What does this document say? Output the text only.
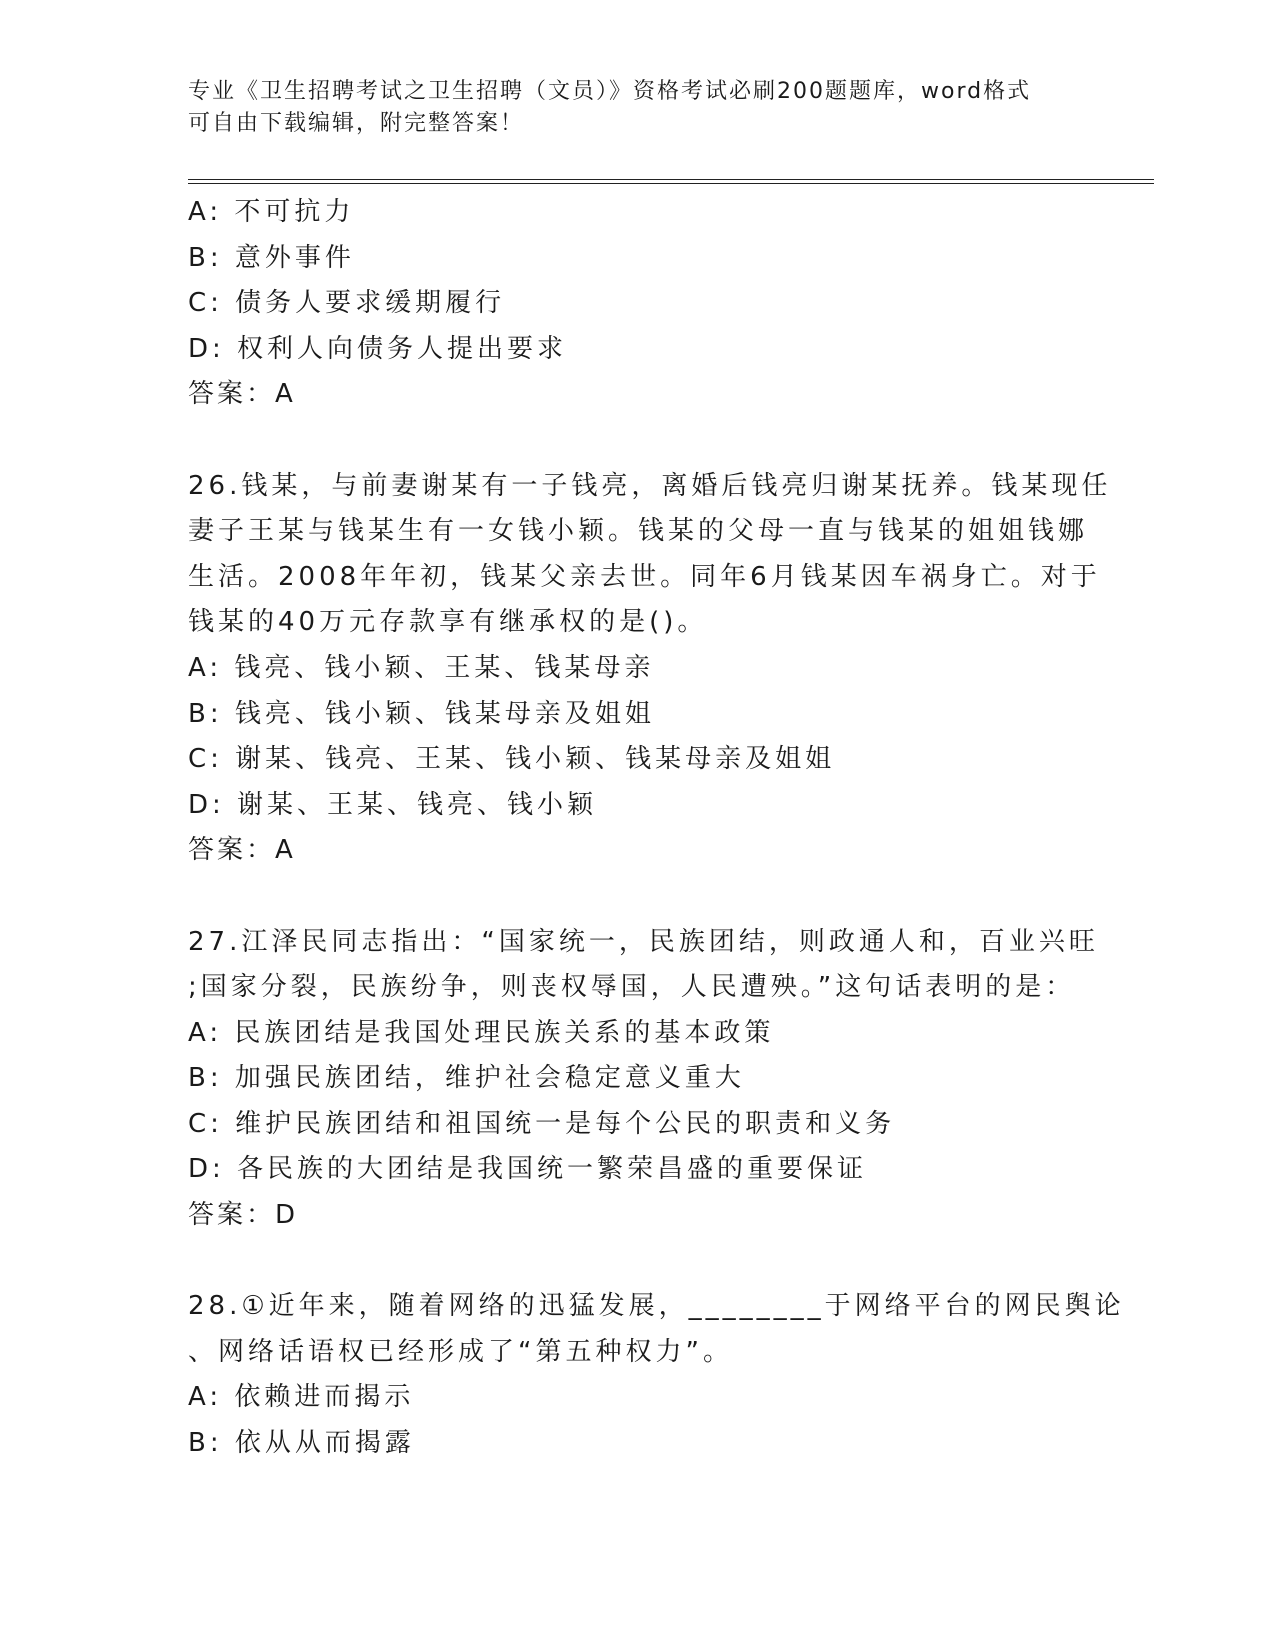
专业《卫生招聘考试之卫生招聘（文员）》资格考试必刷200题题库，word格式
可自由下载编辑，附完整答案！
A: 不可抗力
B: 意外事件
C: 债务人要求缓期履行
D: 权利人向债务人提出要求
答案：A
26.钱某，与前妻谢某有一子钱亮，离婚后钱亮归谢某抚养。钱某现任
妻子王某与钱某生有一女钱小颖。钱某的父母一直与钱某的姐姐钱娜
生活。2008年年初，钱某父亲去世。同年6月钱某因车祸身亡。对于
钱某的40万元存款享有继承权的是()。
A: 钱亮、钱小颖、王某、钱某母亲
B: 钱亮、钱小颖、钱某母亲及姐姐
C: 谢某、钱亮、王某、钱小颖、钱某母亲及姐姐
D: 谢某、王某、钱亮、钱小颖
答案：A
27.江泽民同志指出：“国家统一，民族团结，则政通人和，百业兴旺
;国家分裂，民族纷争，则丧权辱国，人民遭殃。”这句话表明的是：
A: 民族团结是我国处理民族关系的基本政策
B: 加强民族团结，维护社会稳定意义重大
C: 维护民族团结和祖国统一是每个公民的职责和义务
D: 各民族的大团结是我国统一繁荣昌盛的重要保证
答案：D
28.①近年来，随着网络的迅猛发展，________于网络平台的网民舆论
、网络话语权已经形成了“第五种权力”。
A: 依赖进而揭示
B: 依从从而揭露
